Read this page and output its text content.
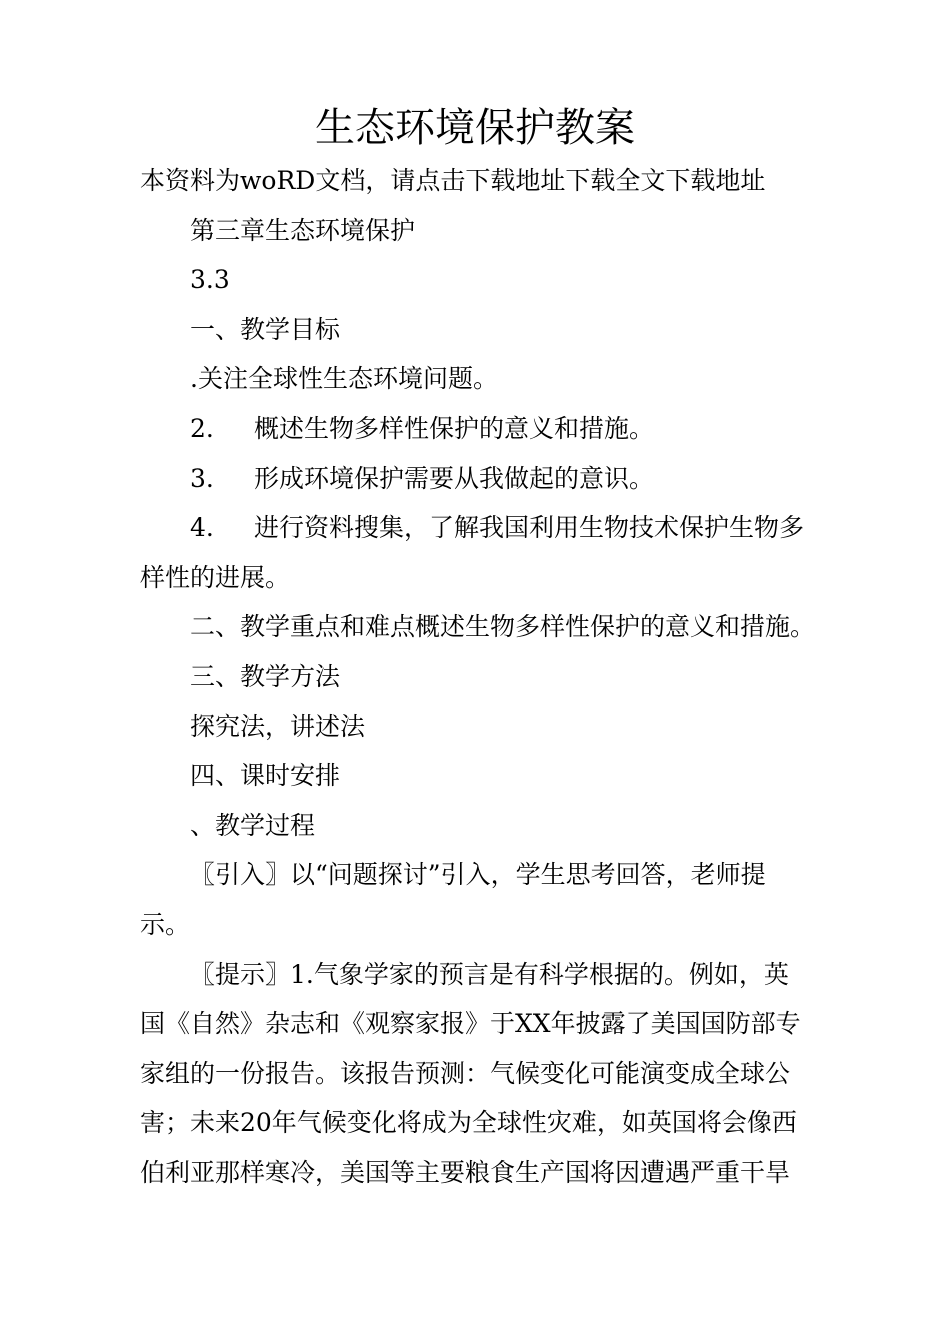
生态环境保护教案

本资料为woRD文档，请点击下载地址下载全文下载地址

第三章生态环境保护

3.3

一、教学目标

.关注全球性生态环境问题。

2. 概述生物多样性保护的意义和措施。

3. 形成环境保护需要从我做起的意识。

4. 进行资料搜集，了解我国利用生物技术保护生物多

样性的进展。

二、教学重点和难点概述生物多样性保护的意义和措施。

三、教学方法

探究法，讲述法

四、课时安排

、教学过程

〖引入〗以“问题探讨”引入，学生思考回答，老师提

示。

〖提示〗1.气象学家的预言是有科学根据的。例如，英

国《自然》杂志和《观察家报》于XX年披露了美国国防部专

家组的一份报告。该报告预测：气候变化可能演变成全球公

害；未来20年气候变化将成为全球性灾难，如英国将会像西

伯利亚那样寒冷，美国等主要粮食生产国将因遭遇严重干旱
